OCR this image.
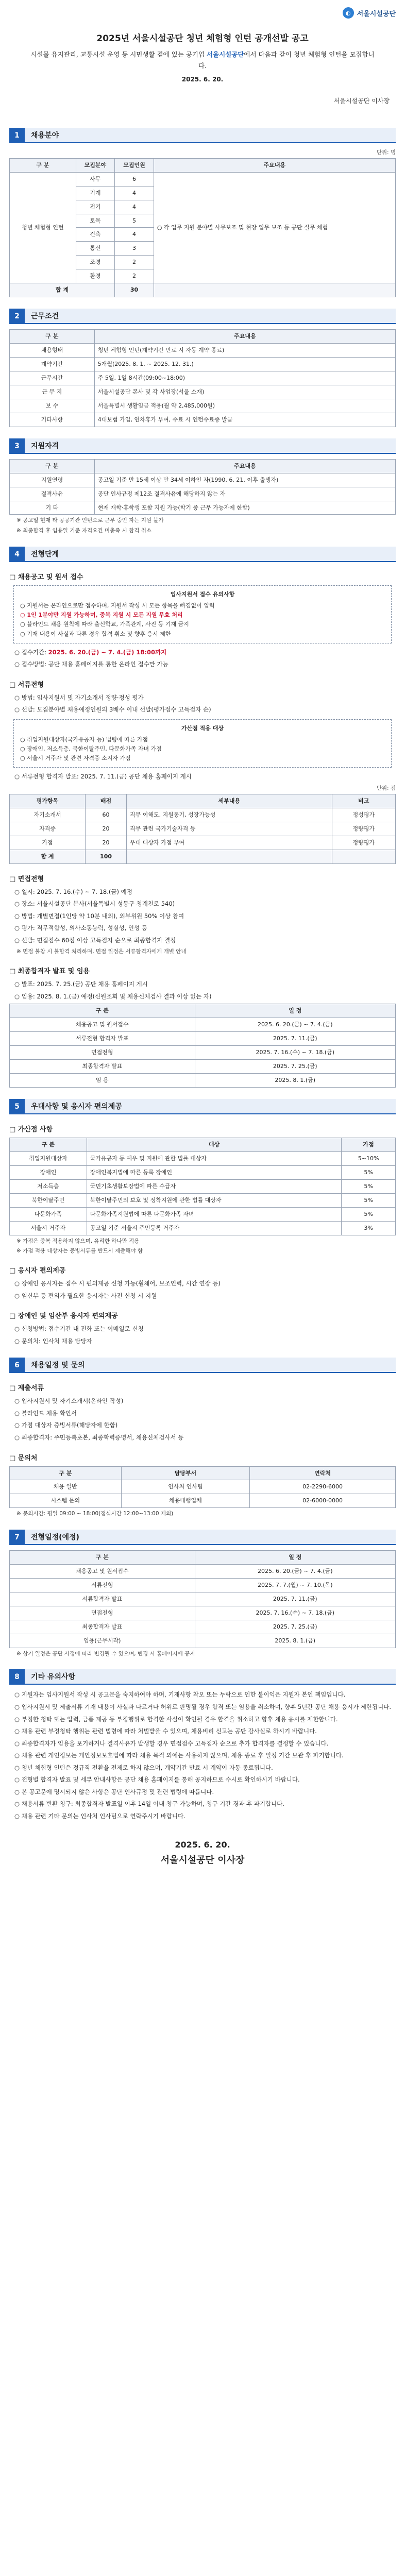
◐ 서울시설공단
2025년 서울시설공단 청년 체험형 인턴 공개선발 공고

시설물 유지관리, 교통시설 운영 등 시민생활 곁에 있는 공기업 서울시설공단에서 다음과 같이 청년 체험형 인턴을 모집합니다.

2025. 6. 20.
서울시설공단 이사장
1	채용분야
단위: 명
구 분	모집분야	모집인원	주요내용
청년 체험형 인턴	사무	6	○ 각 업무 지원 분야별 사무보조 및 현장 업무 보조 등 공단 실무 체험
	기계	4	
	전기	4	
	토목	5	
	건축	4	
	통신	3	
	조경	2	
	환경	2	
합 계		30	
2	근무조건
구 분	주요내용
채용형태	청년 체험형 인턴(계약기간 만료 시 자동 계약 종료)
계약기간	5개월(2025. 8. 1. ~ 2025. 12. 31.)
근무시간	주 5일, 1일 8시간(09:00~18:00)
근 무 지	서울시설공단 본사 및 각 사업장(서울 소재)
보 수	서울특별시 생활임금 적용(월 약 2,485,000원)
기타사항	4대보험 가입, 연차휴가 부여, 수료 시 인턴수료증 발급
3	지원자격
구 분	주요내용
지원연령	공고일 기준 만 15세 이상 만 34세 이하인 자(1990. 6. 21. 이후 출생자)
결격사유	공단 인사규정 제12조 결격사유에 해당하지 않는 자
기 타	현재 재학·휴학생 포함 지원 가능(학기 중 근무 가능자에 한함)

※ 공고일 현재 타 공공기관 인턴으로 근무 중인 자는 지원 불가

※ 최종합격 후 임용일 기준 자격요건 미충족 시 합격 취소

4	전형단계
□ 채용공고 및 원서 접수
입사지원서 접수 유의사항
○ 지원서는 온라인으로만 접수하며, 지원서 작성 시 모든 항목을 빠짐없이 입력
○ 1인 1분야만 지원 가능하며, 중복 지원 시 모든 지원 무효 처리
○ 블라인드 채용 원칙에 따라 출신학교, 가족관계, 사진 등 기재 금지
○ 기재 내용이 사실과 다른 경우 합격 취소 및 향후 응시 제한

○ 접수기간: 2025. 6. 20.(금) ~ 7. 4.(금) 18:00까지

○ 접수방법: 공단 채용 홈페이지를 통한 온라인 접수만 가능

□ 서류전형

○ 방법: 입사지원서 및 자기소개서 정량·정성 평가

○ 선발: 모집분야별 채용예정인원의 3배수 이내 선발(평가점수 고득점자 순)

가산점 적용 대상
○ 취업지원대상자(국가유공자 등) 법령에 따른 가점
○ 장애인, 저소득층, 북한이탈주민, 다문화가족 자녀 가점
○ 서울시 거주자 및 관련 자격증 소지자 가점

○ 서류전형 합격자 발표: 2025. 7. 11.(금) 공단 채용 홈페이지 게시

단위: 점
평가항목	배점	세부내용	비고
자기소개서	60	직무 이해도, 지원동기, 성장가능성	정성평가
자격증	20	직무 관련 국가기술자격 등	정량평가
가점	20	우대 대상자 가점 부여	정량평가
합 계	100		
□ 면접전형

○ 일시: 2025. 7. 16.(수) ~ 7. 18.(금) 예정

○ 장소: 서울시설공단 본사(서울특별시 성동구 청계천로 540)

○ 방법: 개별면접(1인당 약 10분 내외), 외부위원 50% 이상 참여

○ 평가: 직무적합성, 의사소통능력, 성실성, 인성 등

○ 선발: 면접점수 60점 이상 고득점자 순으로 최종합격자 결정

※ 면접 불참 시 불합격 처리하며, 면접 일정은 서류합격자에게 개별 안내

□ 최종합격자 발표 및 임용

○ 발표: 2025. 7. 25.(금) 공단 채용 홈페이지 게시

○ 임용: 2025. 8. 1.(금) 예정(신원조회 및 채용신체검사 결과 이상 없는 자)

구 분	일 정
채용공고 및 원서접수	2025. 6. 20.(금) ~ 7. 4.(금)
서류전형 합격자 발표	2025. 7. 11.(금)
면접전형	2025. 7. 16.(수) ~ 7. 18.(금)
최종합격자 발표	2025. 7. 25.(금)
임 용	2025. 8. 1.(금)
5	우대사항 및 응시자 편의제공
□ 가산점 사항
구 분	대상	가점
취업지원대상자	국가유공자 등 예우 및 지원에 관한 법률 대상자	5~10%
장애인	장애인복지법에 따른 등록 장애인	5%
저소득층	국민기초생활보장법에 따른 수급자	5%
북한이탈주민	북한이탈주민의 보호 및 정착지원에 관한 법률 대상자	5%
다문화가족	다문화가족지원법에 따른 다문화가족 자녀	5%
서울시 거주자	공고일 기준 서울시 주민등록 거주자	3%

※ 가점은 중복 적용하지 않으며, 유리한 하나만 적용

※ 가점 적용 대상자는 증빙서류를 반드시 제출해야 함

□ 응시자 편의제공

○ 장애인 응시자는 접수 시 편의제공 신청 가능(휠체어, 보조인력, 시간 연장 등)

○ 임신부 등 편의가 필요한 응시자는 사전 신청 시 지원

□ 장애인 및 임산부 응시자 편의제공

○ 신청방법: 접수기간 내 전화 또는 이메일로 신청

○ 문의처: 인사처 채용 담당자

6	채용일정 및 문의
□ 제출서류

○ 입사지원서 및 자기소개서(온라인 작성)

○ 블라인드 채용 확인서

○ 가점 대상자 증빙서류(해당자에 한함)

○ 최종합격자: 주민등록초본, 최종학력증명서, 채용신체검사서 등

□ 문의처
구 분	담당부서	연락처
채용 일반	인사처 인사팀	02-2290-6000
시스템 문의	채용대행업체	02-6000-0000

※ 문의시간: 평일 09:00 ~ 18:00(점심시간 12:00~13:00 제외)

7	전형일정(예정)
구 분	일 정
채용공고 및 원서접수	2025. 6. 20.(금) ~ 7. 4.(금)
서류전형	2025. 7. 7.(월) ~ 7. 10.(목)
서류합격자 발표	2025. 7. 11.(금)
면접전형	2025. 7. 16.(수) ~ 7. 18.(금)
최종합격자 발표	2025. 7. 25.(금)
임용(근무시작)	2025. 8. 1.(금)

※ 상기 일정은 공단 사정에 따라 변경될 수 있으며, 변경 시 홈페이지에 공지

8	기타 유의사항

○ 지원자는 입사지원서 작성 시 공고문을 숙지하여야 하며, 기재사항 착오 또는 누락으로 인한 불이익은 지원자 본인 책임입니다.

○ 입사지원서 및 제출서류 기재 내용이 사실과 다르거나 허위로 판명될 경우 합격 또는 임용을 취소하며, 향후 5년간 공단 채용 응시가 제한됩니다.

○ 부정한 청탁 또는 압력, 금품 제공 등 부정행위로 합격한 사실이 확인될 경우 합격을 취소하고 향후 채용 응시를 제한합니다.

○ 채용 관련 부정청탁 행위는 관련 법령에 따라 처벌받을 수 있으며, 채용비리 신고는 공단 감사실로 하시기 바랍니다.

○ 최종합격자가 임용을 포기하거나 결격사유가 발생할 경우 면접점수 고득점자 순으로 추가 합격자를 결정할 수 있습니다.

○ 채용 관련 개인정보는 개인정보보호법에 따라 채용 목적 외에는 사용하지 않으며, 채용 종료 후 일정 기간 보관 후 파기합니다.

○ 청년 체험형 인턴은 정규직 전환을 전제로 하지 않으며, 계약기간 만료 시 계약이 자동 종료됩니다.

○ 전형별 합격자 발표 및 세부 안내사항은 공단 채용 홈페이지를 통해 공지하므로 수시로 확인하시기 바랍니다.

○ 본 공고문에 명시되지 않은 사항은 공단 인사규정 및 관련 법령에 따릅니다.

○ 채용서류 반환 청구: 최종합격자 발표일 이후 14일 이내 청구 가능하며, 청구 기간 경과 후 파기합니다.

○ 채용 관련 기타 문의는 인사처 인사팀으로 연락주시기 바랍니다.

2025. 6. 20.
서울시설공단 이사장
